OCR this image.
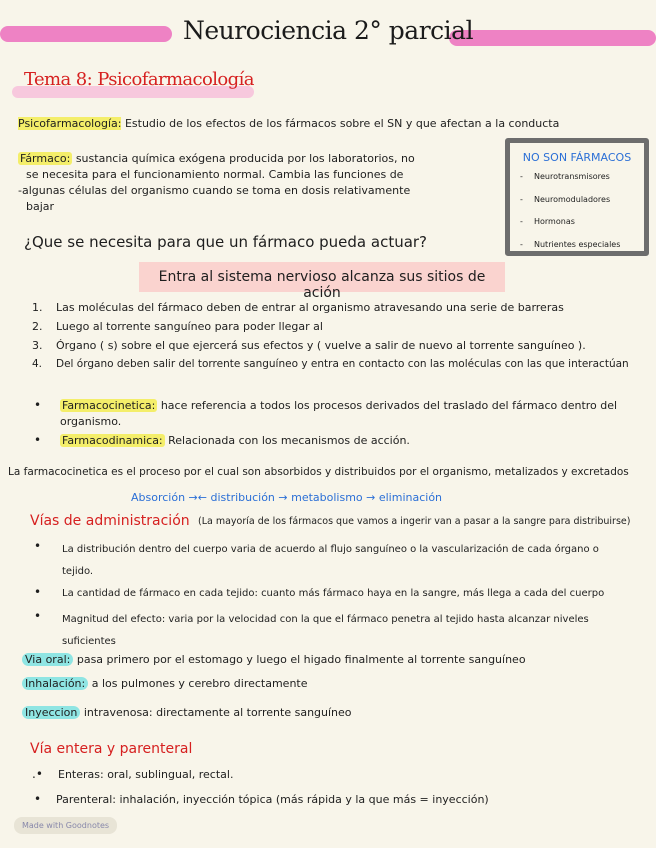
Neurociencia 2° parcial
Tema 8: Psicofarmacología
Psicofarmacología: Estudio de los efectos de los fármacos sobre el SN y que afectan a la conducta
Fármaco: sustancia química exógena producida por los laboratorios, no
se necesita para el funcionamiento normal. Cambia las funciones de
-algunas células del organismo cuando se toma en dosis relativamente
bajar
NO SON FÁRMACOS
- Neurotransmisores
- Neuromoduladores
- Hormonas
- Nutrientes especiales
¿Que se necesita para que un fármaco pueda actuar?
Entra al sistema nervioso alcanza sus sitios de ación
1. Las moléculas del fármaco deben de entrar al organismo atravesando una serie de barreras
2. Luego al torrente sanguíneo para poder llegar al
3. Órgano ( s) sobre el que ejercerá sus efectos y ( vuelve a salir de nuevo al torrente sanguíneo ).
4. Del órgano deben salir del torrente sanguíneo y entra en contacto con las moléculas con las que interactúan
• Farmacocinetica: hace referencia a todos los procesos derivados del traslado del fármaco dentro del
organismo.
• Farmacodinamica: Relacionada con los mecanismos de acción.
La farmacocinetica es el proceso por el cual son absorbidos y distribuidos por el organismo, metalizados y excretados
Absorción →← distribución → metabolismo → eliminación
Vías de administración (La mayoría de los fármacos que vamos a ingerir van a pasar a la sangre para distribuirse)
• La distribución dentro del cuerpo varia de acuerdo al flujo sanguíneo o la vascularización de cada órgano o
tejido.
• La cantidad de fármaco en cada tejido: cuanto más fármaco haya en la sangre, más llega a cada del cuerpo
• Magnitud del efecto: varia por la velocidad con la que el fármaco penetra al tejido hasta alcanzar niveles
suficientes
Via oral: pasa primero por el estomago y luego el higado finalmente al torrente sanguíneo
Inhalación: a los pulmones y cerebro directamente
Inyeccion intravenosa: directamente al torrente sanguíneo
Vía entera y parenteral
.• Enteras: oral, sublingual, rectal.
• Parenteral: inhalación, inyección tópica (más rápida y la que más = inyección)
Made with Goodnotes
